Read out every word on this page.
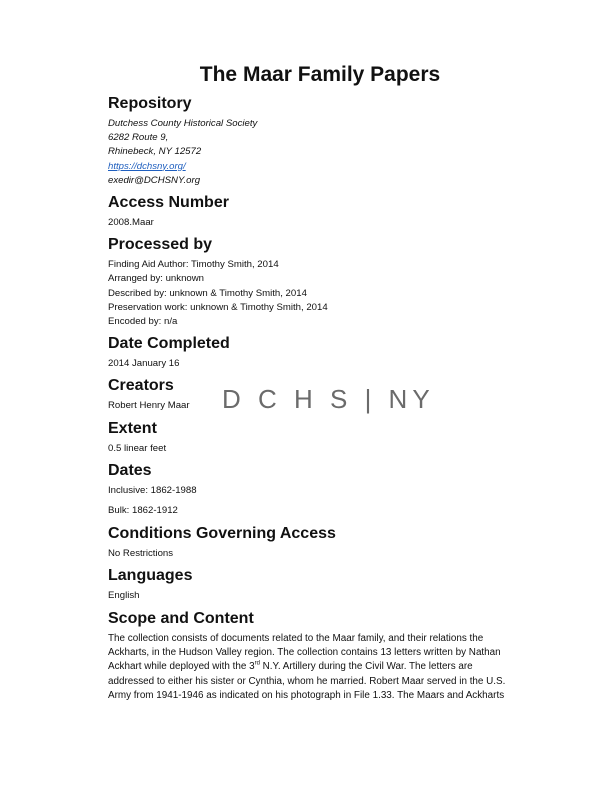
D C H S | NY
The Maar Family Papers
Repository
Dutchess County Historical Society
6282 Route 9,
Rhinebeck, NY 12572
https://dchsny.org/
exedir@DCHSNY.org
Access Number
2008.Maar
Processed by
Finding Aid Author: Timothy Smith, 2014
Arranged by: unknown
Described by: unknown & Timothy Smith, 2014
Preservation work: unknown & Timothy Smith, 2014
Encoded by: n/a
Date Completed
2014 January 16
Creators
Robert Henry Maar
Extent
0.5 linear feet
Dates
Inclusive: 1862-1988
Bulk: 1862-1912
Conditions Governing Access
No Restrictions
Languages
English
Scope and Content
The collection consists of documents related to the Maar family, and their relations the
Ackharts, in the Hudson Valley region. The collection contains 13 letters written by Nathan
Ackhart while deployed with the 3rd N.Y. Artillery during the Civil War. The letters are
addressed to either his sister or Cynthia, whom he married. Robert Maar served in the U.S.
Army from 1941-1946 as indicated on his photograph in File 1.33. The Maars and Ackharts
